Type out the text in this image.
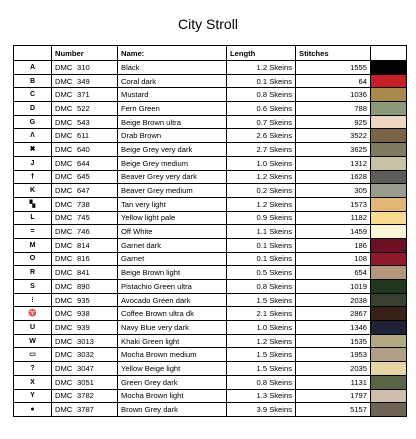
City Stroll
	Number	Name:	Length	Stitches	
A	DMC 310	Black	1.2 Skeins	1555	
B	DMC 349	Coral dark	0.1 Skeins	64	
C	DMC 371	Mustard	0.8 Skeins	1036	
D	DMC 522	Fern Green	0.6 Skeins	788	
G	DMC 543	Beige Brown ultra	0.7 Skeins	925	
Λ	DMC 611	Drab Brown	2.6 Skeins	3522	
✖	DMC 640	Beige Grey very dark	2.7 Skeins	3625	
J	DMC 644	Beige Grey medium	1.0 Skeins	1312	
🠕	DMC 645	Beaver Grey very dark	1.2 Skeins	1628	
K	DMC 647	Beaver Grey medium	0.2 Skeins	305	
▚	DMC 738	Tan very light	1.2 Skeins	1573	
L	DMC 745	Yellow light pale	0.9 Skeins	1182	
=	DMC 746	Off White	1.1 Skeins	1459	
M	DMC 814	Garnet dark	0.1 Skeins	186	
O	DMC 816	Garnet	0.1 Skeins	108	
R	DMC 841	Beige Brown light	0.5 Skeins	654	
S	DMC 890	Pistachio Green ultra	0.8 Skeins	1019	
⁝	DMC 935	Avocado Green dark	1.5 Skeins	2038	
♈	DMC 938	Coffee Brown ultra dk	2.1 Skeins	2867	
U	DMC 939	Navy Blue very dark	1.0 Skeins	1346	
W	DMC 3013	Khaki Green light	1.2 Skeins	1535	
▭	DMC 3032	Mocha Brown medium	1.5 Skeins	1953	
?	DMC 3047	Yellow Beige light	1.5 Skeins	2035	
X	DMC 3051	Green Grey dark	0.8 Skeins	1131	
Y	DMC 3782	Mocha Brown light	1.3 Skeins	1797	
●	DMC 3787	Brown Grey dark	3.9 Skeins	5157	
